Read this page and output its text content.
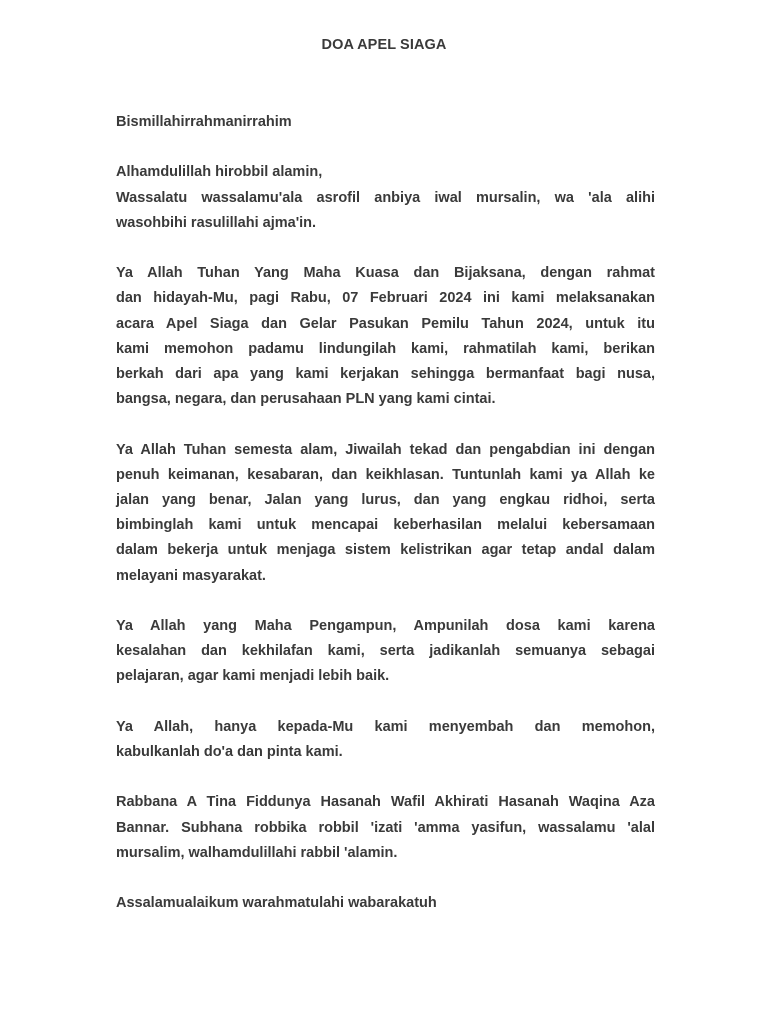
DOA APEL SIAGA

Bismillahirrahmanirrahim

Alhamdulillah hirobbil alamin,
Wassalatu wassalamu'ala asrofil anbiya iwal mursalin, wa 'ala alihi
wasohbihi rasulillahi ajma'in.

Ya Allah Tuhan Yang Maha Kuasa dan Bijaksana, dengan rahmat
dan hidayah-Mu, pagi Rabu, 07 Februari 2024 ini kami melaksanakan
acara Apel Siaga dan Gelar Pasukan Pemilu Tahun 2024, untuk itu
kami memohon padamu lindungilah kami, rahmatilah kami, berikan
berkah dari apa yang kami kerjakan sehingga bermanfaat bagi nusa,
bangsa, negara, dan perusahaan PLN yang kami cintai.

Ya Allah Tuhan semesta alam, Jiwailah tekad dan pengabdian ini dengan
penuh keimanan, kesabaran, dan keikhlasan. Tuntunlah kami ya Allah ke
jalan yang benar, Jalan yang lurus, dan yang engkau ridhoi, serta
bimbinglah kami untuk mencapai keberhasilan melalui kebersamaan
dalam bekerja untuk menjaga sistem kelistrikan agar tetap andal dalam
melayani masyarakat.

Ya Allah yang Maha Pengampun, Ampunilah dosa kami karena
kesalahan dan kekhilafan kami, serta jadikanlah semuanya sebagai
pelajaran, agar kami menjadi lebih baik.

Ya Allah, hanya kepada-Mu kami menyembah dan memohon,
kabulkanlah do'a dan pinta kami.

Rabbana A Tina Fiddunya Hasanah Wafil Akhirati Hasanah Waqina Aza
Bannar. Subhana robbika robbil 'izati 'amma yasifun, wassalamu 'alal
mursalim, walhamdulillahi rabbil 'alamin.

Assalamualaikum warahmatulahi wabarakatuh
